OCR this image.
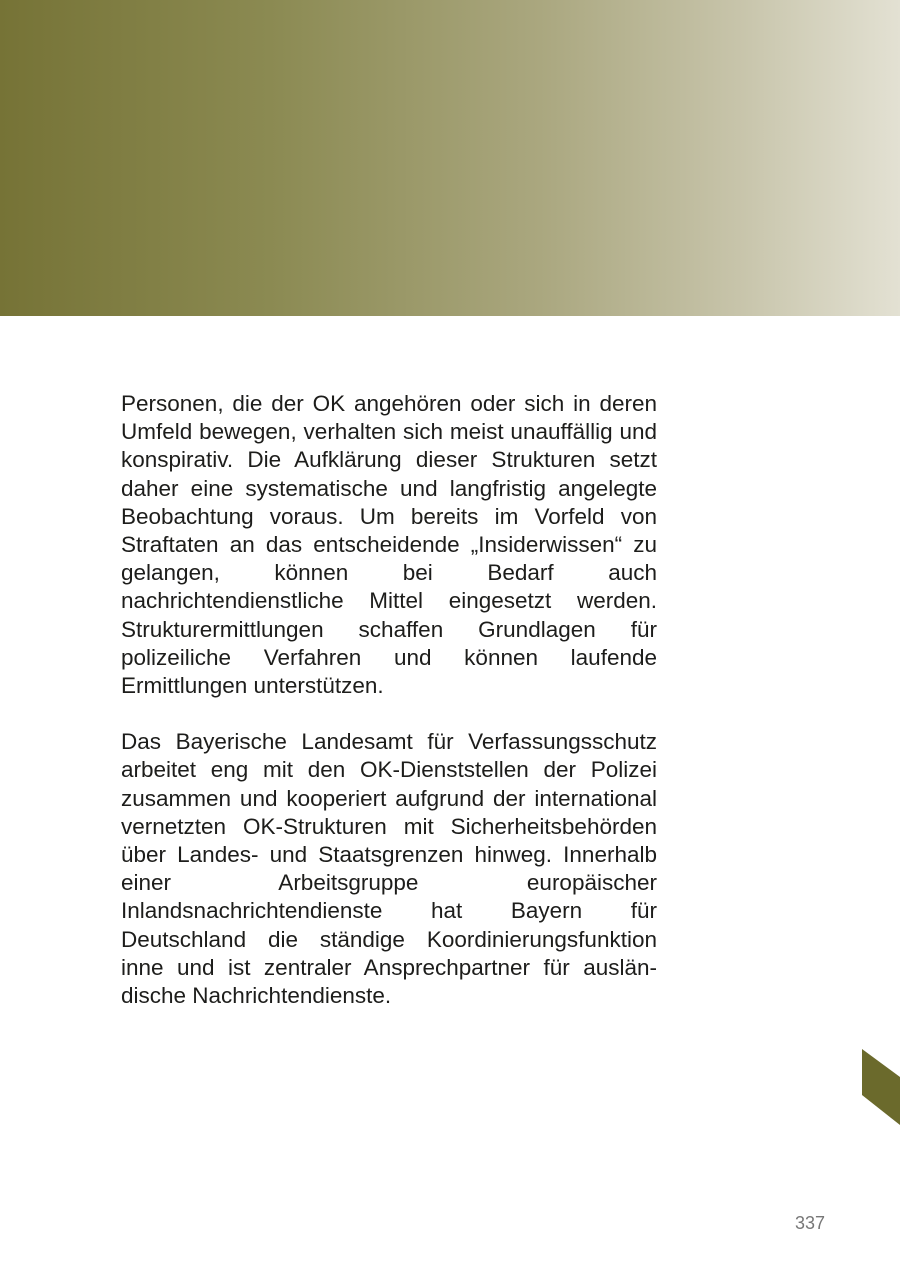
Personen, die der OK angehören oder sich in deren Umfeld bewegen, verhalten sich meist unauffällig und konspirativ. Die Aufklärung dieser Strukturen setzt daher eine systematische und langfristig angelegte Beobachtung voraus. Um bereits im Vorfeld von Straftaten an das entscheidende „Insiderwissen“ zu gelangen, können bei Bedarf auch nachrichtendienstliche Mittel eingesetzt werden. Strukturermittlungen schaffen Grundlagen für polizeiliche Verfahren und können laufende Ermittlungen unterstützen.

Das Bayerische Landesamt für Verfassungsschutz arbeitet eng mit den OK-Dienststellen der Polizei zusammen und kooperiert aufgrund der international vernetzten OK-Strukturen mit Sicherheitsbehörden über Landes- und Staatsgrenzen hinweg. Innerhalb einer Arbeitsgruppe europäischer Inlandsnachrichtendienste hat Bayern für Deutschland die ständige Koordinierungsfunktion inne und ist zentraler Ansprechpartner für ausländische Nachrichtendienste.

337
